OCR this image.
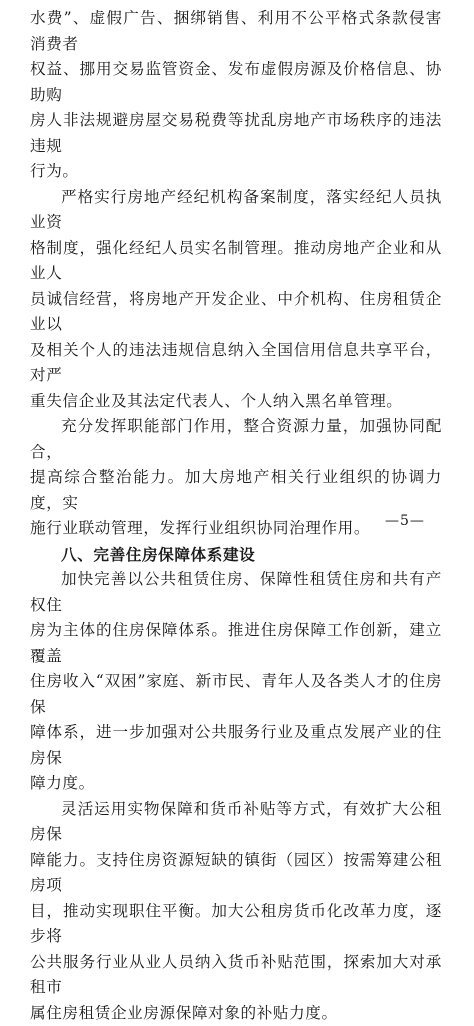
水费”、虚假广告、捆绑销售、利用不公平格式条款侵害消费者
权益、挪用交易监管资金、发布虚假房源及价格信息、协助购
房人非法规避房屋交易税费等扰乱房地产市场秩序的违法违规
行为。

严格实行房地产经纪机构备案制度，落实经纪人员执业资
格制度，强化经纪人员实名制管理。推动房地产企业和从业人
员诚信经营，将房地产开发企业、中介机构、住房租赁企业以
及相关个人的违法违规信息纳入全国信用信息共享平台，对严
重失信企业及其法定代表人、个人纳入黑名单管理。

充分发挥职能部门作用，整合资源力量，加强协同配合，
提高综合整治能力。加大房地产相关行业组织的协调力度，实
施行业联动管理，发挥行业组织协同治理作用。

八、完善住房保障体系建设

加快完善以公共租赁住房、保障性租赁住房和共有产权住
房为主体的住房保障体系。推进住房保障工作创新，建立覆盖
住房收入“双困”家庭、新市民、青年人及各类人才的住房保
障体系，进一步加强对公共服务行业及重点发展产业的住房保
障力度。

灵活运用实物保障和货币补贴等方式，有效扩大公租房保
障能力。支持住房资源短缺的镇街（园区）按需筹建公租房项
目，推动实现职住平衡。加大公租房货币化改革力度，逐步将
公共服务行业从业人员纳入货币补贴范围，探索加大对承租市
属住房租赁企业房源保障对象的补贴力度。

—5—
